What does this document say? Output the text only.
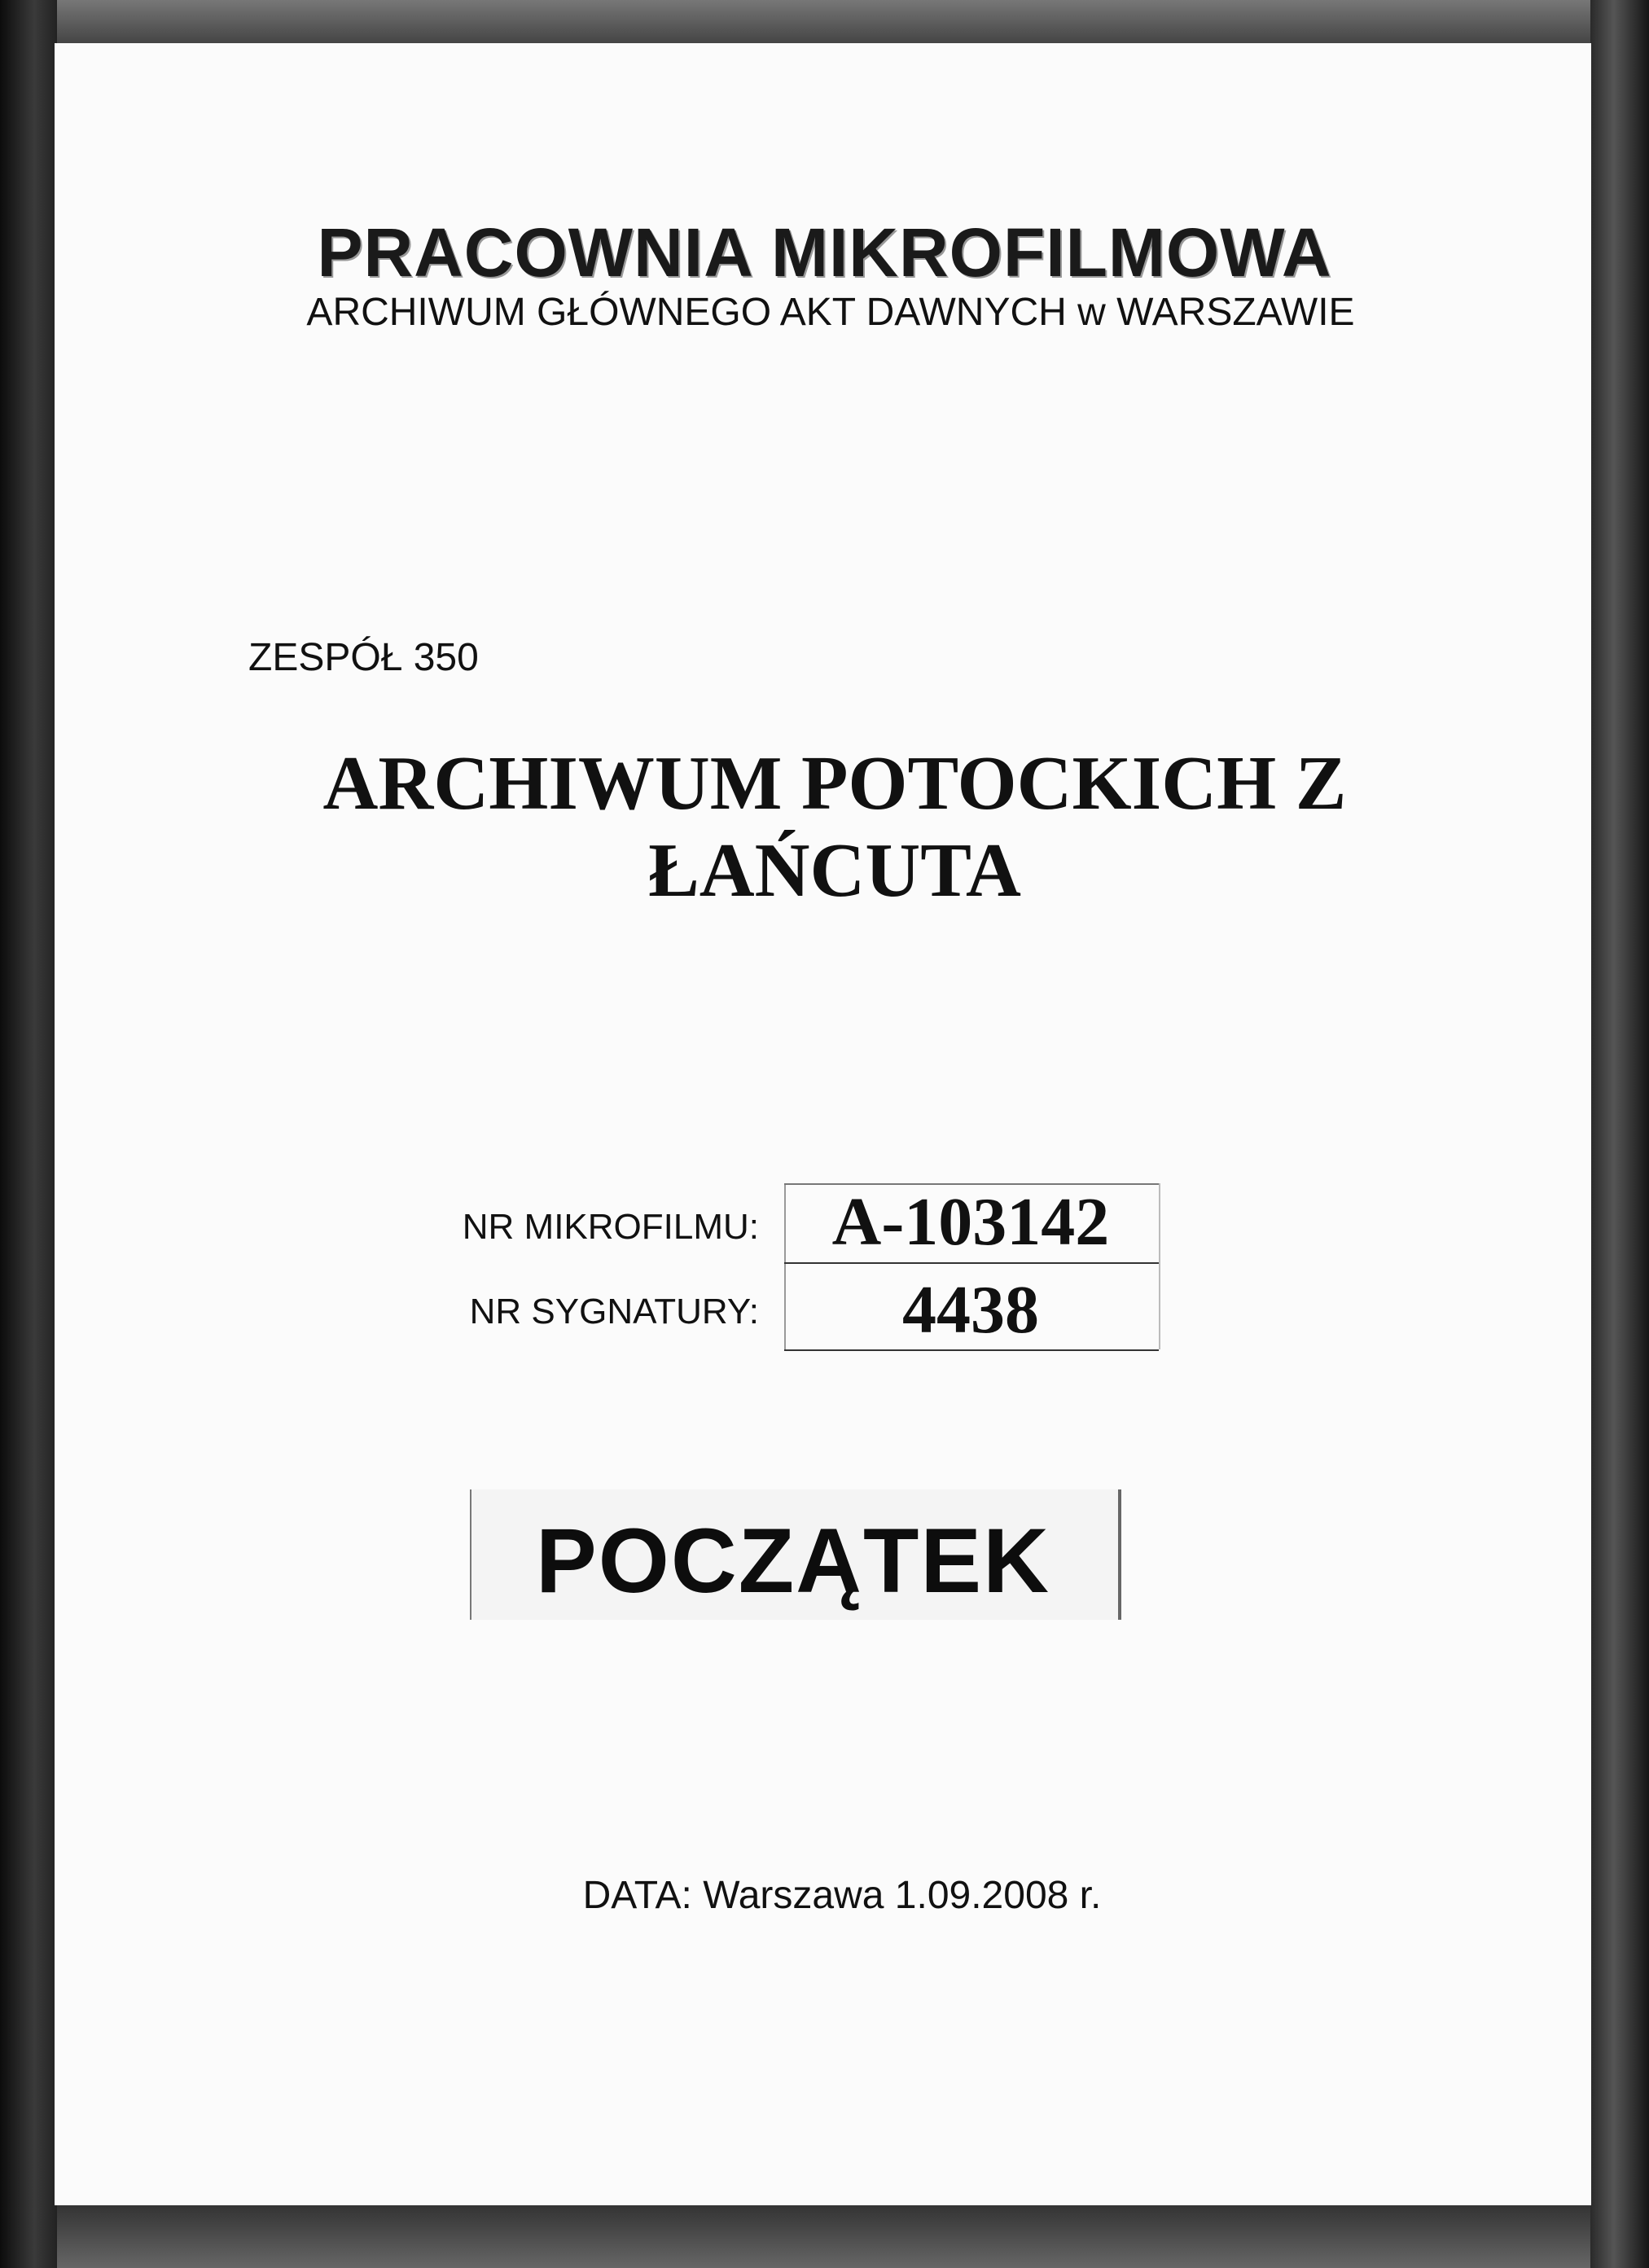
PRACOWNIA MIKROFILMOWA
ARCHIWUM GŁÓWNEGO AKT DAWNYCH w WARSZAWIE
ZESPÓŁ 350
ARCHIWUM POTOCKICH Z
ŁAŃCUTA
NR MIKROFILMU:	A-103142
NR SYGNATURY:	4438
POCZĄTEK
DATA: Warszawa 1.09.2008 r.
